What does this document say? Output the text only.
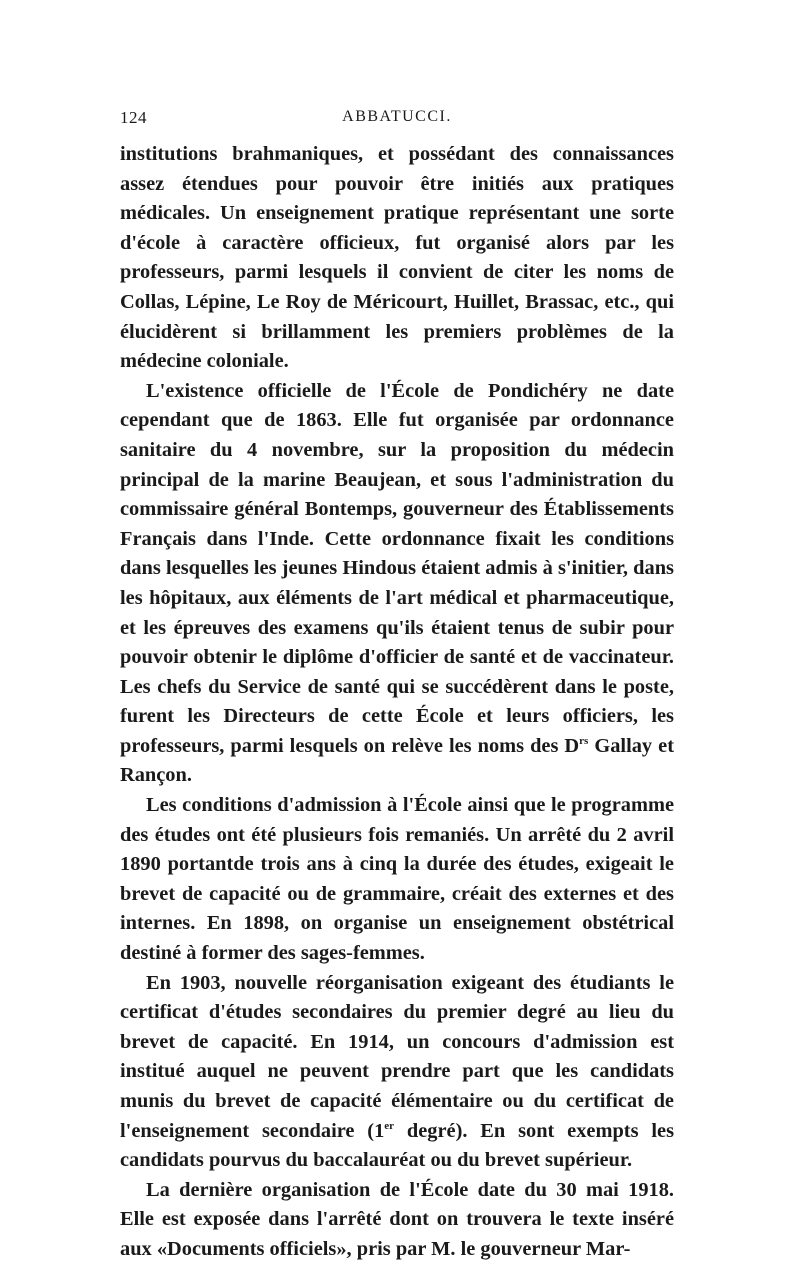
124	ABBATUCCI.

institutions brahmaniques, et possédant des connaissances assez étendues pour pouvoir être initiés aux pratiques médicales. Un enseignement pratique représentant une sorte d'école à caractère officieux, fut organisé alors par les professeurs, parmi lesquels il convient de citer les noms de Collas, Lépine, Le Roy de Méricourt, Huillet, Brassac, etc., qui élucidèrent si brillamment les premiers problèmes de la médecine coloniale.

L'existence officielle de l'École de Pondichéry ne date cependant que de 1863. Elle fut organisée par ordonnance sanitaire du 4 novembre, sur la proposition du médecin principal de la marine Beaujean, et sous l'administration du commissaire général Bontemps, gouverneur des Établissements Français dans l'Inde. Cette ordonnance fixait les conditions dans lesquelles les jeunes Hindous étaient admis à s'initier, dans les hôpitaux, aux éléments de l'art médical et pharmaceutique, et les épreuves des examens qu'ils étaient tenus de subir pour pouvoir obtenir le diplôme d'officier de santé et de vaccinateur. Les chefs du Service de santé qui se succédèrent dans le poste, furent les Directeurs de cette École et leurs officiers, les professeurs, parmi lesquels on relève les noms des $D^{rs}$ Gallay et Rançon.

Les conditions d'admission à l'École ainsi que le programme des études ont été plusieurs fois remaniés. Un arrêté du 2 avril 1890 portantde trois ans à cinq la durée des études, exigeait le brevet de capacité ou de grammaire, créait des externes et des internes. En 1898, on organise un enseignement obstétrical destiné à former des sages-femmes.

En 1903, nouvelle réorganisation exigeant des étudiants le certificat d'études secondaires du premier degré au lieu du brevet de capacité. En 1914, un concours d'admission est institué auquel ne peuvent prendre part que les candidats munis du brevet de capacité élémentaire ou du certificat de l'enseignement secondaire (1er degré). En sont exempts les candidats pourvus du baccalauréat ou du brevet supérieur.

La dernière organisation de l'École date du 30 mai 1918. Elle est exposée dans l'arrêté dont on trouvera le texte inséré aux «Documents officiels», pris par M. le gouverneur Mar-
